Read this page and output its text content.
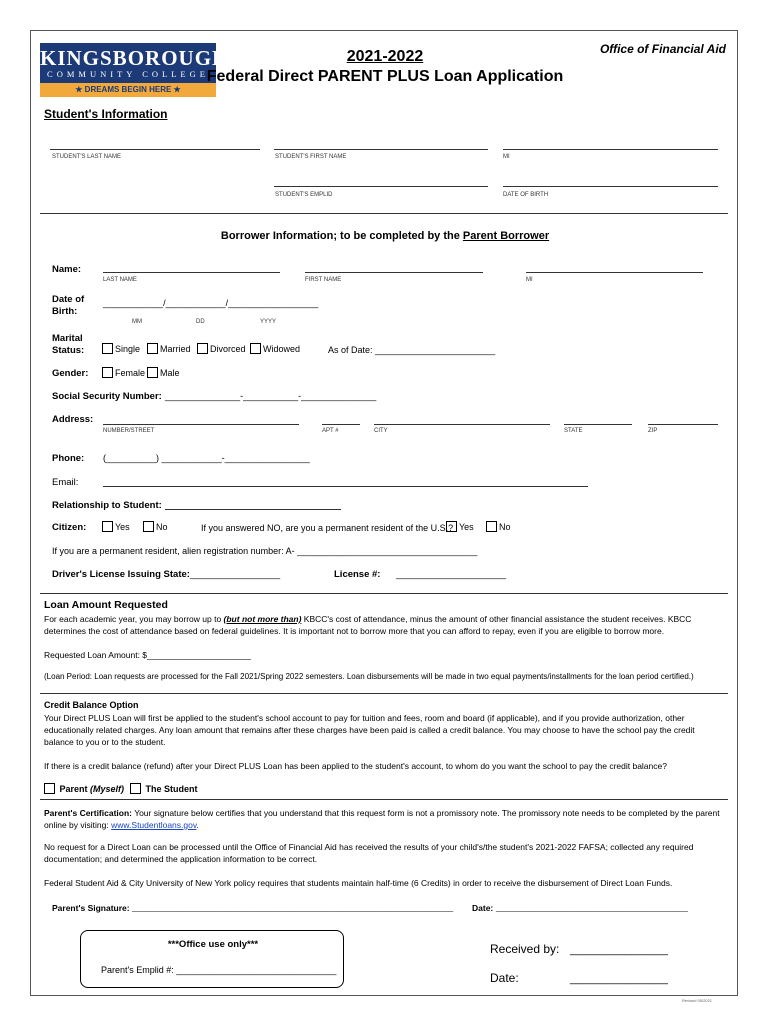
KINGSBOROUGH
COMMUNITY COLLEGE
★ DREAMS BEGIN HERE ★
Office of Financial Aid
2021-2022
Federal Direct PARENT PLUS Loan Application
Student's Information
STUDENT'S LAST NAME	STUDENT'S FIRST NAME	MI
STUDENT'S EMPLID	DATE OF BIRTH
Borrower Information; to be completed by the Parent Borrower
Name:
LAST NAME	FIRST NAME	MI
Date of
Birth:
____________/____________/__________________
MM	DD	YYYY
Marital
Status:	Single Married Divorced Widowed	As of Date: ________________________
Gender:	Female Male
Social Security Number: _______________-___________-_______________
Address:
NUMBER/STREET	APT #	CITY	STATE	ZIP
Phone: (__________) ____________-_________________
Email:
Relationship to Student:
Citizen:	Yes	No	If you answered NO, are you a permanent resident of the U.S.? Yes	No
If you are a permanent resident, alien registration number: A- ____________________________________
Driver's License Issuing State: __________________	License #: ______________________
Loan Amount Requested
For each academic year, you may borrow up to (but not more than) KBCC's cost of attendance, minus the amount of other financial assistance the student receives. KBCC determines the cost of attendance based on federal guidelines. It is important not to borrow more that you can afford to repay, even if you are eligible to borrow more.
Requested Loan Amount: $______________________
(Loan Period: Loan requests are processed for the Fall 2021/Spring 2022 semesters. Loan disbursements will be made in two equal payments/installments for the loan period certified.)
Credit Balance Option
Your Direct PLUS Loan will first be applied to the student's school account to pay for tuition and fees, room and board (if applicable), and if you provide authorization, other educationally related charges. Any loan amount that remains after these charges have been paid is called a credit balance. You may choose to have the school pay the credit balance to you or to the student.
If there is a credit balance (refund) after your Direct PLUS Loan has been applied to the student's account, to whom do you want the school to pay the credit balance?

Parent
(Myself)
The Student
Parent's Certification: Your signature below certifies that you understand that this request form is not a promissory note. The promissory note needs to be completed by the parent online by visiting: www.Studentloans.gov.
No request for a Direct Loan can be processed until the Office of Financial Aid has received the results of your child's/the student's 2021-2022 FAFSA; collected any required documentation; and determined the application information to be correct.
Federal Student Aid & City University of New York policy requires that students maintain half-time (6 Credits) in order to receive the disbursement of Direct Loan Funds.
Parent's Signature: _____________________________________________________________________________ Date: ______________________________________________
***Office use only***
Parent's Emplid #: ________________________________
Received by: ________________
Date:	________________
Revised 05/2021
